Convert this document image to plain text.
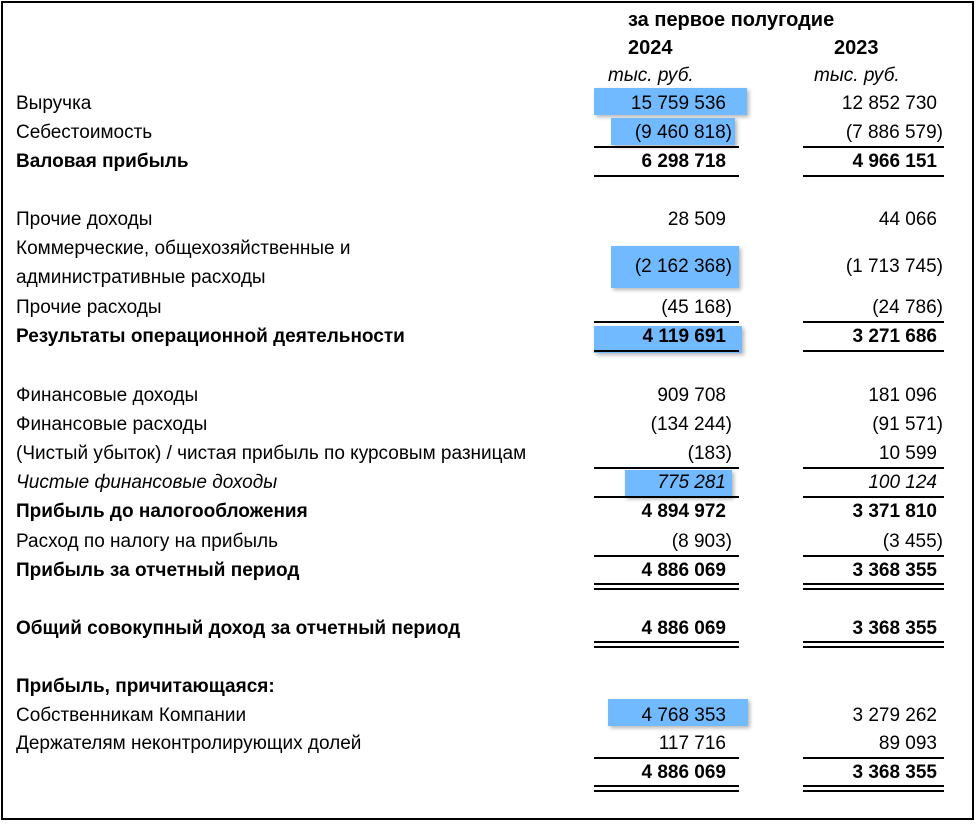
за первое полугодие
2024	2023
тыс. руб.	тыс. руб.
Выручка	15 759 536	12 852 730
Себестоимость	(9 460 818)	(7 886 579)
Валовая прибыль	6 298 718	4 966 151
Прочие доходы	28 509	44 066
Коммерческие, общехозяйственные и
административные расходы
(2 162 368)	(1 713 745)
Прочие расходы	(45 168)	(24 786)
Результаты операционной деятельности	4 119 691	3 271 686
Финансовые доходы	909 708	181 096
Финансовые расходы	(134 244)	(91 571)
(Чистый убыток) / чистая прибыль по курсовым разницам	(183)	10 599
Чистые финансовые доходы	775 281	100 124
Прибыль до налогообложения	4 894 972	3 371 810
Расход по налогу на прибыль	(8 903)	(3 455)
Прибыль за отчетный период	4 886 069	3 368 355
Общий совокупный доход за отчетный период	4 886 069	3 368 355
Прибыль, причитающаяся:
Собственникам Компании	4 768 353	3 279 262
Держателям неконтролирующих долей	117 716	89 093
4 886 069	3 368 355
